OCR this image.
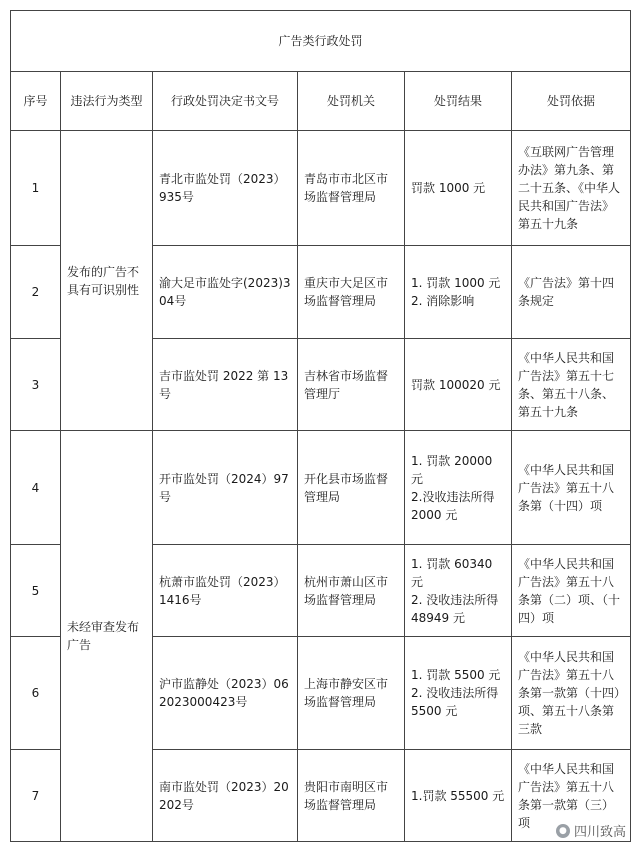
广告类行政处罚					
序号	违法行为类型	行政处罚决定书文号	处罚机关	处罚结果	处罚依据
1	发布的广告不具有可识别性	青北市监处罚（2023）935号	青岛市市北区市场监督管理局	罚款 1000 元	《互联网广告管理办法》第九条、第二十五条、《中华人民共和国广告法》第五十九条
2		渝大足市监处字(2023)304号	重庆市大足区市场监督管理局	1. 罚款 1000 元
2. 消除影响	《广告法》第十四条规定
3		吉市监处罚 2022 第 13 号	吉林省市场监督管理厅	罚款 100020 元	《中华人民共和国广告法》第五十七条、第五十八条、第五十九条
4	未经审查发布广告	开市监处罚（2024）97号	开化县市场监督管理局	1. 罚款 20000 元
2.没收违法所得 2000 元	《中华人民共和国广告法》第五十八条第（十四）项
5		杭萧市监处罚（2023）1416号	杭州市萧山区市场监督管理局	1. 罚款 60340 元
2. 没收违法所得 48949 元	《中华人民共和国广告法》第五十八条第（二）项、（十四）项
6		沪市监静处（2023）062023000423号	上海市静安区市场监督管理局	1. 罚款 5500 元
2. 没收违法所得 5500 元	《中华人民共和国广告法》第五十八条第一款第（十四）项、第五十八条第三款
7		南市监处罚（2023）20202号	贵阳市南明区市场监督管理局	1.罚款 55500 元	《中华人民共和国广告法》第五十八条第一款第（三）项
● 四川致高
